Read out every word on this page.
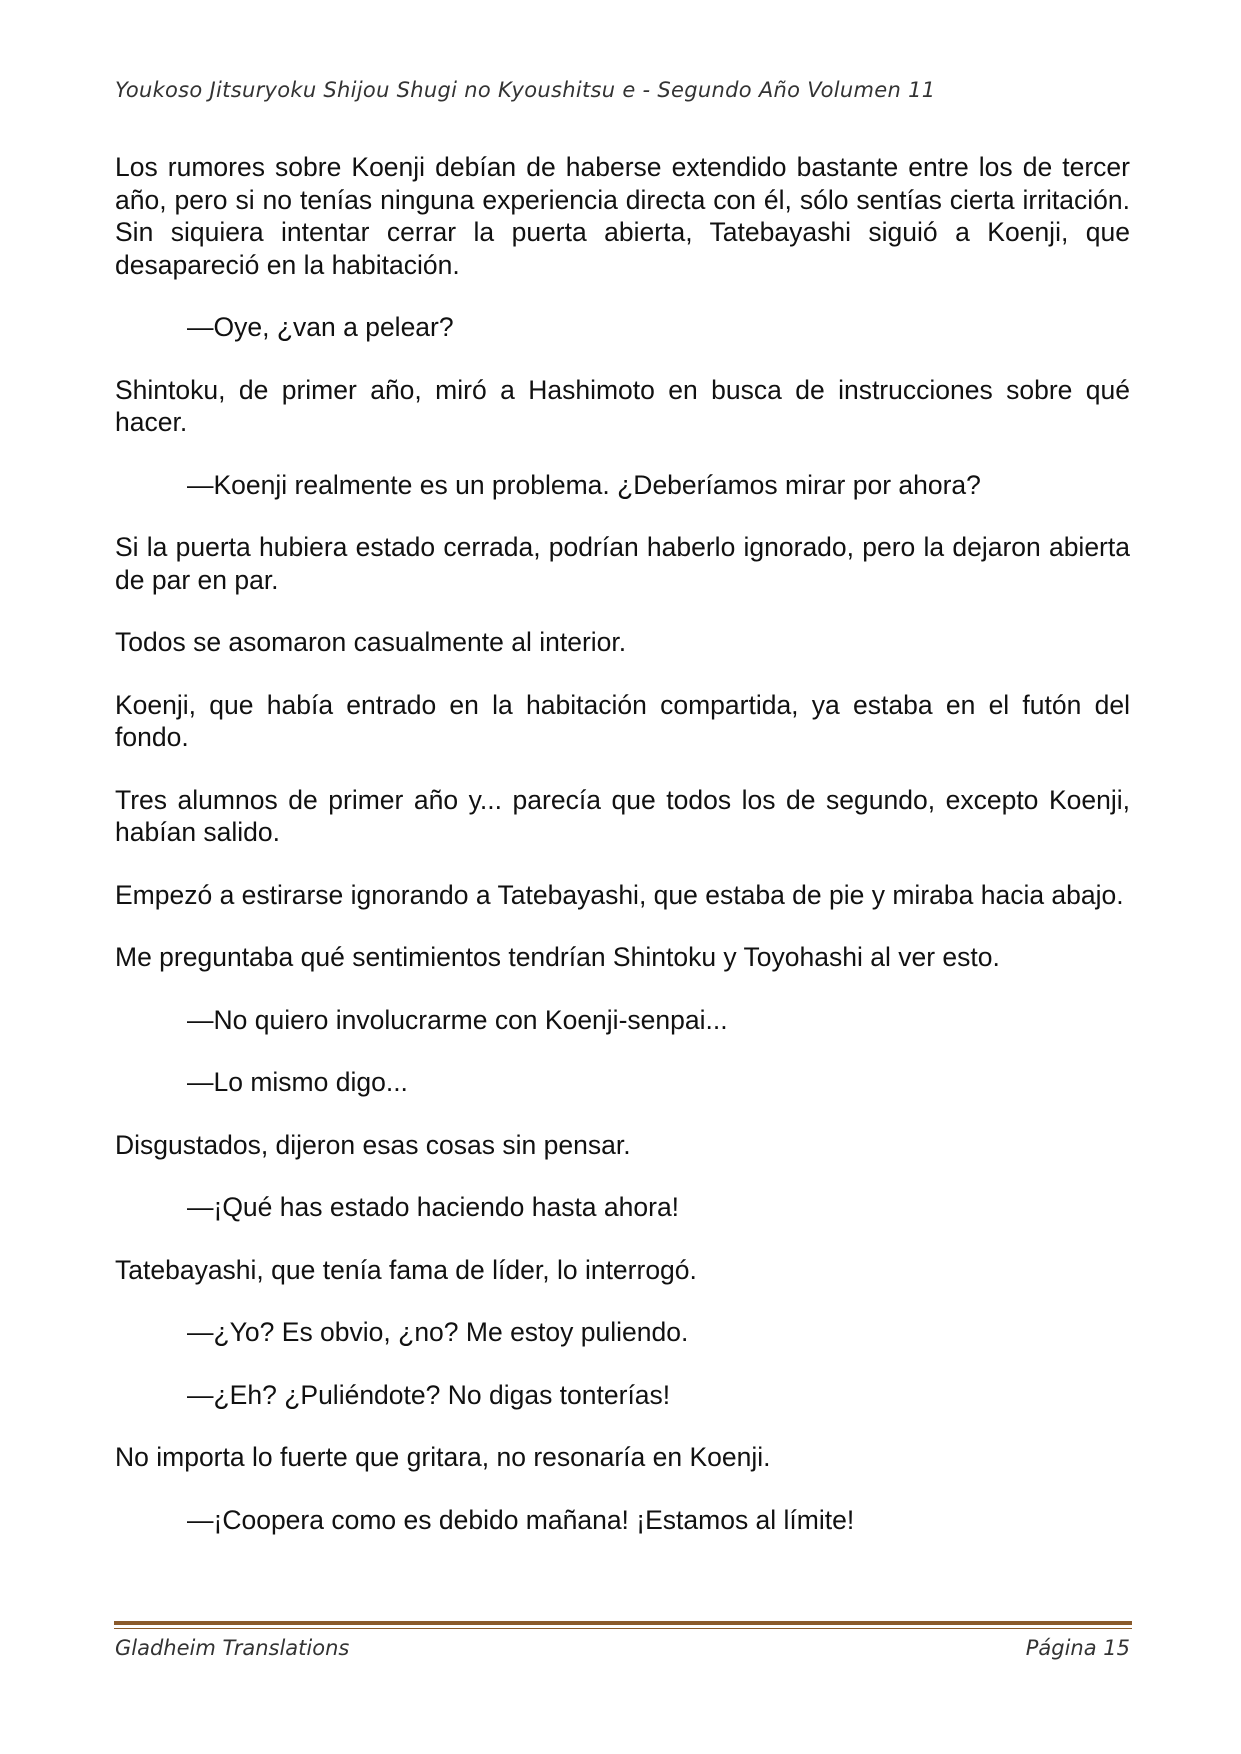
Youkoso Jitsuryoku Shijou Shugi no Kyoushitsu e - Segundo Año Volumen 11

Los rumores sobre Koenji debían de haberse extendido bastante entre los de tercer año, pero si no tenías ninguna experiencia directa con él, sólo sentías cierta irritación. Sin siquiera intentar cerrar la puerta abierta, Tatebayashi siguió a Koenji, que desapareció en la habitación.

—Oye, ¿van a pelear?

Shintoku, de primer año, miró a Hashimoto en busca de instrucciones sobre qué hacer.

—Koenji realmente es un problema. ¿Deberíamos mirar por ahora?

Si la puerta hubiera estado cerrada, podrían haberlo ignorado, pero la dejaron abierta de par en par.

Todos se asomaron casualmente al interior.

Koenji, que había entrado en la habitación compartida, ya estaba en el futón del fondo.

Tres alumnos de primer año y... parecía que todos los de segundo, excepto Koenji, habían salido.

Empezó a estirarse ignorando a Tatebayashi, que estaba de pie y miraba hacia abajo.

Me preguntaba qué sentimientos tendrían Shintoku y Toyohashi al ver esto.

—No quiero involucrarme con Koenji-senpai...

—Lo mismo digo...

Disgustados, dijeron esas cosas sin pensar.

—¡Qué has estado haciendo hasta ahora!

Tatebayashi, que tenía fama de líder, lo interrogó.

—¿Yo? Es obvio, ¿no? Me estoy puliendo.

—¿Eh? ¿Puliéndote? No digas tonterías!

No importa lo fuerte que gritara, no resonaría en Koenji.

—¡Coopera como es debido mañana! ¡Estamos al límite!

Gladheim Translations	Página 15
